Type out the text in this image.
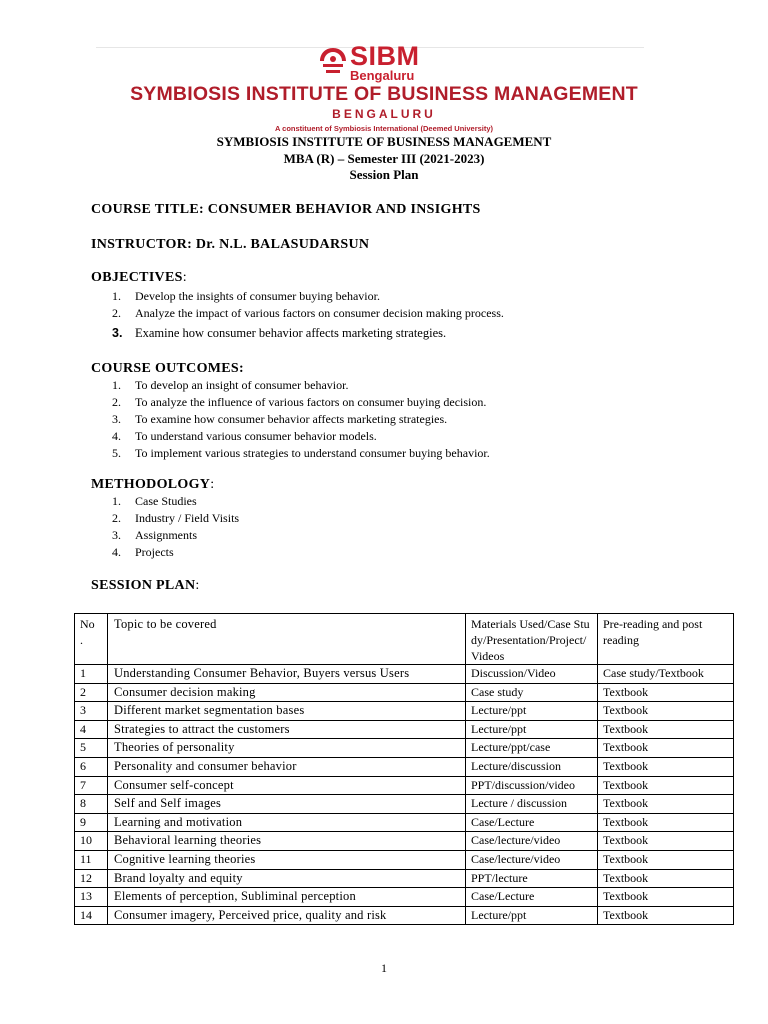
SIBM
Bengaluru
SYMBIOSIS INSTITUTE OF BUSINESS MANAGEMENT
BENGALURU
A constituent of Symbiosis International (Deemed University)
SYMBIOSIS INSTITUTE OF BUSINESS MANAGEMENT
MBA (R) – Semester III (2021-2023)
Session Plan
COURSE TITLE: CONSUMER BEHAVIOR AND INSIGHTS
INSTRUCTOR: Dr. N.L. BALASUDARSUN
OBJECTIVES:
1. Develop the insights of consumer buying behavior.
2. Analyze the impact of various factors on consumer decision making process.
3. Examine how consumer behavior affects marketing strategies.
COURSE OUTCOMES:
1. To develop an insight of consumer behavior.
2. To analyze the influence of various factors on consumer buying decision.
3. To examine how consumer behavior affects marketing strategies.
4. To understand various consumer behavior models.
5. To implement various strategies to understand consumer buying behavior.
METHODOLOGY:
1. Case Studies
2. Industry / Field Visits
3. Assignments
4. Projects
SESSION PLAN:
No .	Topic to be covered	Materials Used/Case Study/Presentation/Project/ Videos	Pre-reading and post reading
1	Understanding Consumer Behavior, Buyers versus Users	Discussion/Video	Case study/Textbook
2	Consumer decision making	Case study	Textbook
3	Different market segmentation bases	Lecture/ppt	Textbook
4	Strategies to attract the customers	Lecture/ppt	Textbook
5	Theories of personality	Lecture/ppt/case	Textbook
6	Personality and consumer behavior	Lecture/discussion	Textbook
7	Consumer self-concept	PPT/discussion/video	Textbook
8	Self and Self images	Lecture / discussion	Textbook
9	Learning and motivation	Case/Lecture	Textbook
10	Behavioral learning theories	Case/lecture/video	Textbook
11	Cognitive learning theories	Case/lecture/video	Textbook
12	Brand loyalty and equity	PPT/lecture	Textbook
13	Elements of perception, Subliminal perception	Case/Lecture	Textbook
14	Consumer imagery, Perceived price, quality and risk	Lecture/ppt	Textbook
1
